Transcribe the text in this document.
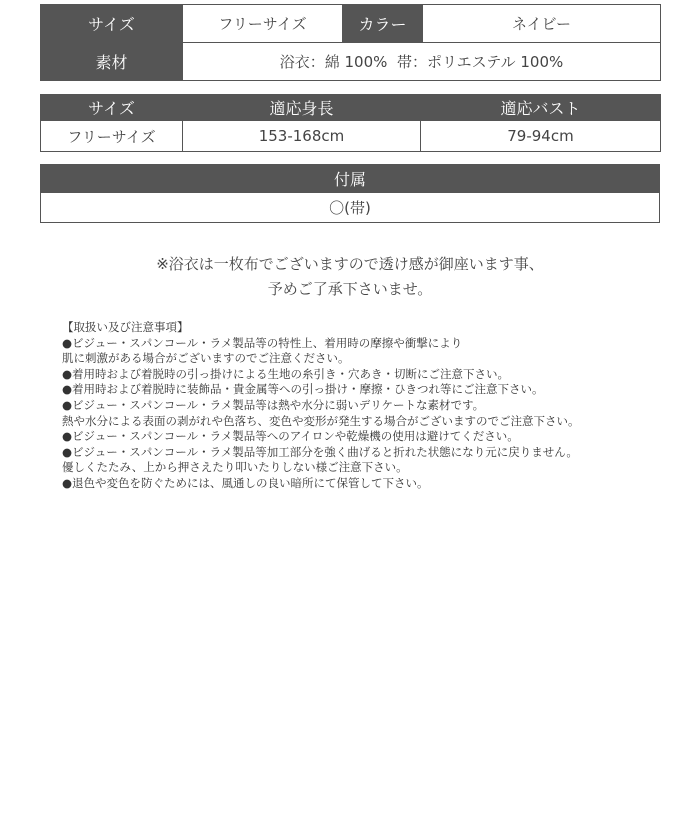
サイズ	フリーサイズ	カラー	ネイビー
素材	浴衣：綿 100%  帯：ポリエステル 100%		
サイズ	適応身長	適応バスト
フリーサイズ	153-168cm	79-94cm
付属
〇(帯)
※浴衣は一枚布でございますので透け感が御座います事、
予めご了承下さいませ。
【取扱い及び注意事項】
●ビジュー・スパンコール・ラメ製品等の特性上、着用時の摩擦や衝撃により
肌に刺激がある場合がございますのでご注意ください。
●着用時および着脱時の引っ掛けによる生地の糸引き・穴あき・切断にご注意下さい。
●着用時および着脱時に装飾品・貴金属等への引っ掛け・摩擦・ひきつれ等にご注意下さい。
●ビジュー・スパンコール・ラメ製品等は熱や水分に弱いデリケートな素材です。
熱や水分による表面の剥がれや色落ち、変色や変形が発生する場合がございますのでご注意下さい。
●ビジュー・スパンコール・ラメ製品等へのアイロンや乾燥機の使用は避けてください。
●ビジュー・スパンコール・ラメ製品等加工部分を強く曲げると折れた状態になり元に戻りません。
優しくたたみ、上から押さえたり叩いたりしない様ご注意下さい。
●退色や変色を防ぐためには、風通しの良い暗所にて保管して下さい。
